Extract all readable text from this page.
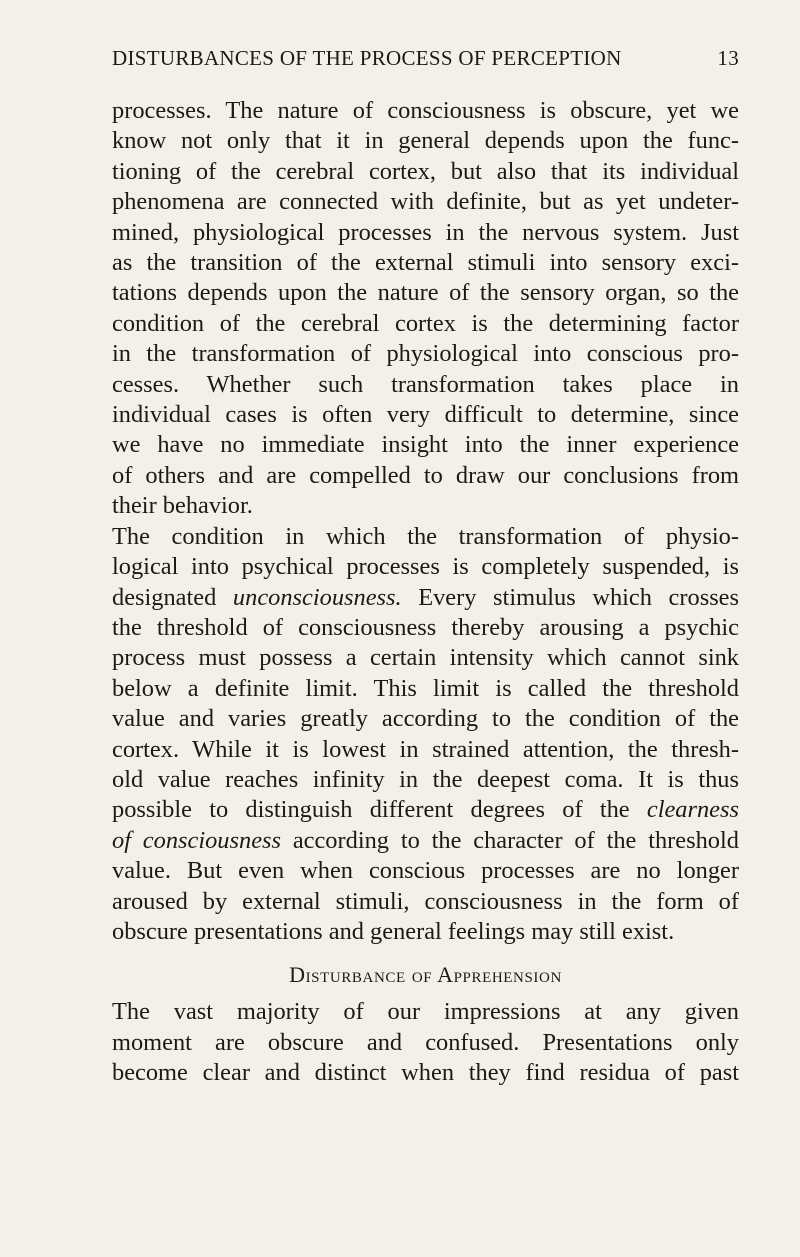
DISTURBANCES OF THE PROCESS OF PERCEPTION	13

processes. The nature of consciousness is obscure, yet we

know not only that it in general depends upon the func-

tioning of the cerebral cortex, but also that its individual

phenomena are connected with definite, but as yet undeter-

mined, physiological processes in the nervous system. Just

as the transition of the external stimuli into sensory exci-

tations depends upon the nature of the sensory organ, so the

condition of the cerebral cortex is the determining factor

in the transformation of physiological into conscious pro-

cesses. Whether such transformation takes place in

individual cases is often very difficult to determine, since

we have no immediate insight into the inner experience

of others and are compelled to draw our conclusions from

their behavior.

The condition in which the transformation of physio-

logical into psychical processes is completely suspended, is

designated unconsciousness. Every stimulus which crosses

the threshold of consciousness thereby arousing a psychic

process must possess a certain intensity which cannot sink

below a definite limit. This limit is called the threshold

value and varies greatly according to the condition of the

cortex. While it is lowest in strained attention, the thresh-

old value reaches infinity in the deepest coma. It is thus

possible to distinguish different degrees of the clearness

of consciousness according to the character of the threshold

value. But even when conscious processes are no longer

aroused by external stimuli, consciousness in the form of

obscure presentations and general feelings may still exist.

Disturbance of Apprehension

The vast majority of our impressions at any given

moment are obscure and confused. Presentations only

become clear and distinct when they find residua of past
